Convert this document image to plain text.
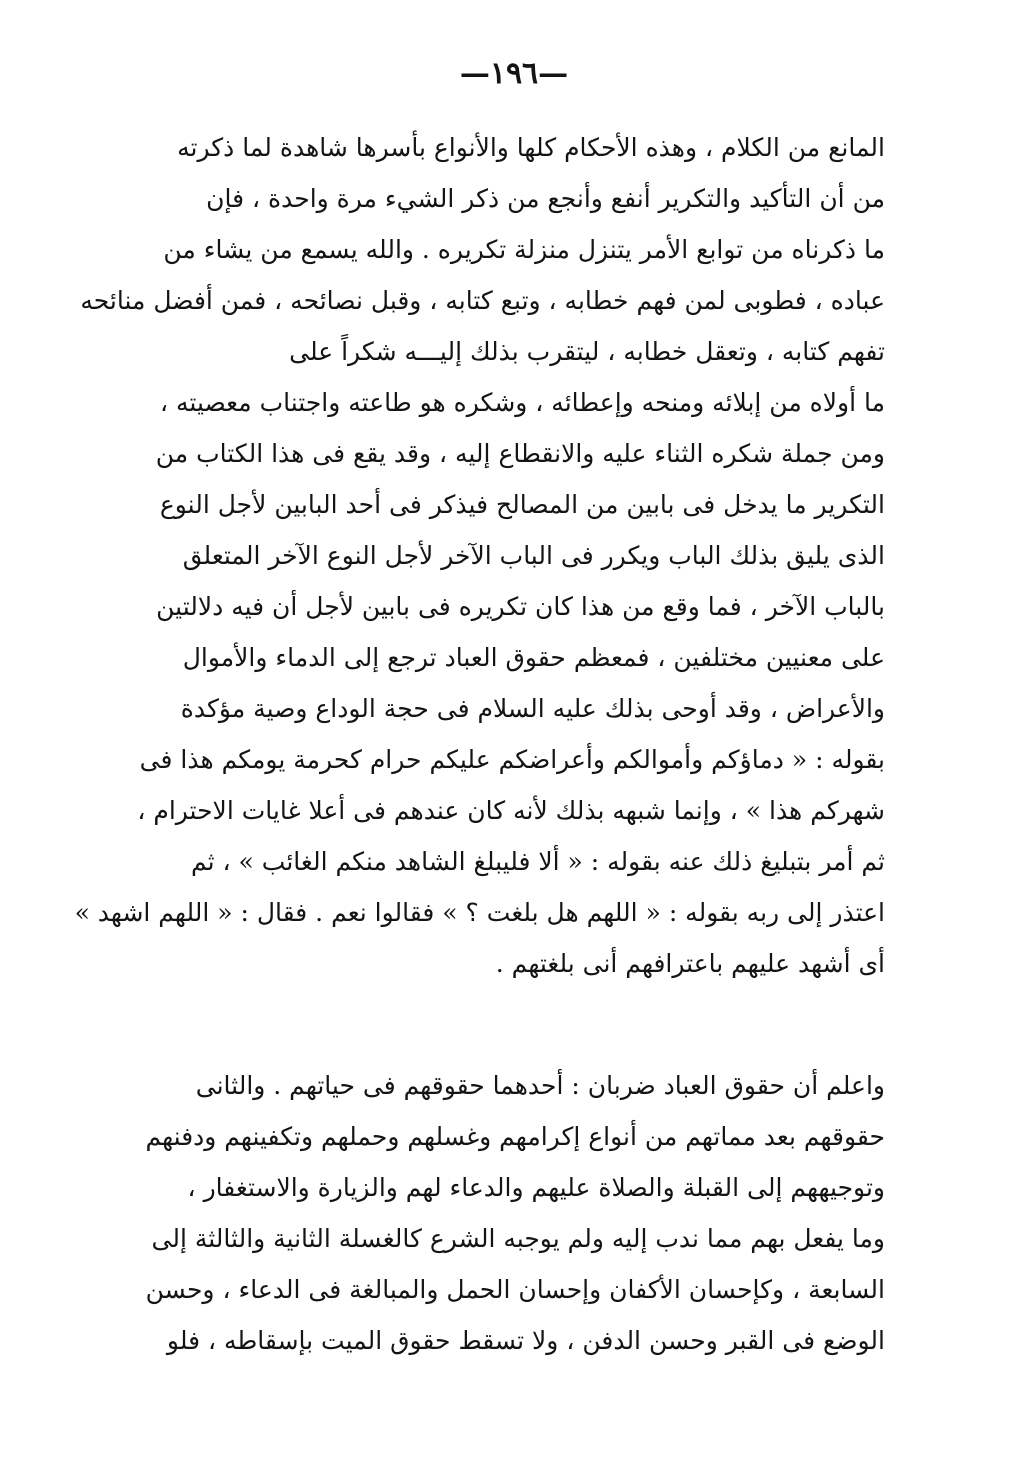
—١٩٦—
المانع من الكلام ، وهذه الأحكام كلها والأنواع بأسرها شاهدة لما ذكرته
من أن التأكيد والتكرير أنفع وأنجع من ذكر الشيء مرة واحدة ، فإن
ما ذكرناه من توابع الأمر يتنزل منزلة تكريره . والله يسمع من يشاء من
عباده ، فطوبى لمن فهم خطابه ، وتبع كتابه ، وقبل نصائحه ، فمن أفضل منائحه
تفهم كتابه ، وتعقل خطابه ، ليتقرب بذلك إليـــه شكراً على
ما أولاه من إبلائه ومنحه وإعطائه ، وشكره هو طاعته واجتناب معصيته ،
ومن جملة شكره الثناء عليه والانقطاع إليه ، وقد يقع فى هذا الكتاب من
التكرير ما يدخل فى بابين من المصالح فيذكر فى أحد البابين لأجل النوع
الذى يليق بذلك الباب ويكرر فى الباب الآخر لأجل النوع الآخر المتعلق
بالباب الآخر ، فما وقع من هذا كان تكريره فى بابين لأجل أن فيه دلالتين
على معنيين مختلفين ، فمعظم حقوق العباد ترجع إلى الدماء والأموال
والأعراض ، وقد أوحى بذلك عليه السلام فى حجة الوداع وصية مؤكدة
بقوله : « دماؤكم وأموالكم وأعراضكم عليكم حرام كحرمة يومكم هذا فى
شهركم هذا » ، وإنما شبهه بذلك لأنه كان عندهم فى أعلا غايات الاحترام ،
ثم أمر بتبليغ ذلك عنه بقوله : « ألا فليبلغ الشاهد منكم الغائب » ، ثم
اعتذر إلى ربه بقوله : « اللهم هل بلغت ؟ » فقالوا نعم . فقال : « اللهم اشهد »
أى أشهد عليهم باعترافهم أنى بلغتهم .
واعلم أن حقوق العباد ضربان : أحدهما حقوقهم فى حياتهم . والثانى
حقوقهم بعد مماتهم من أنواع إكرامهم وغسلهم وحملهم وتكفينهم ودفنهم
وتوجيههم إلى القبلة والصلاة عليهم والدعاء لهم والزيارة والاستغفار ،
وما يفعل بهم مما ندب إليه ولم يوجبه الشرع كالغسلة الثانية والثالثة إلى
السابعة ، وكإحسان الأكفان وإحسان الحمل والمبالغة فى الدعاء ، وحسن
الوضع فى القبر وحسن الدفن ، ولا تسقط حقوق الميت بإسقاطه ، فلو
